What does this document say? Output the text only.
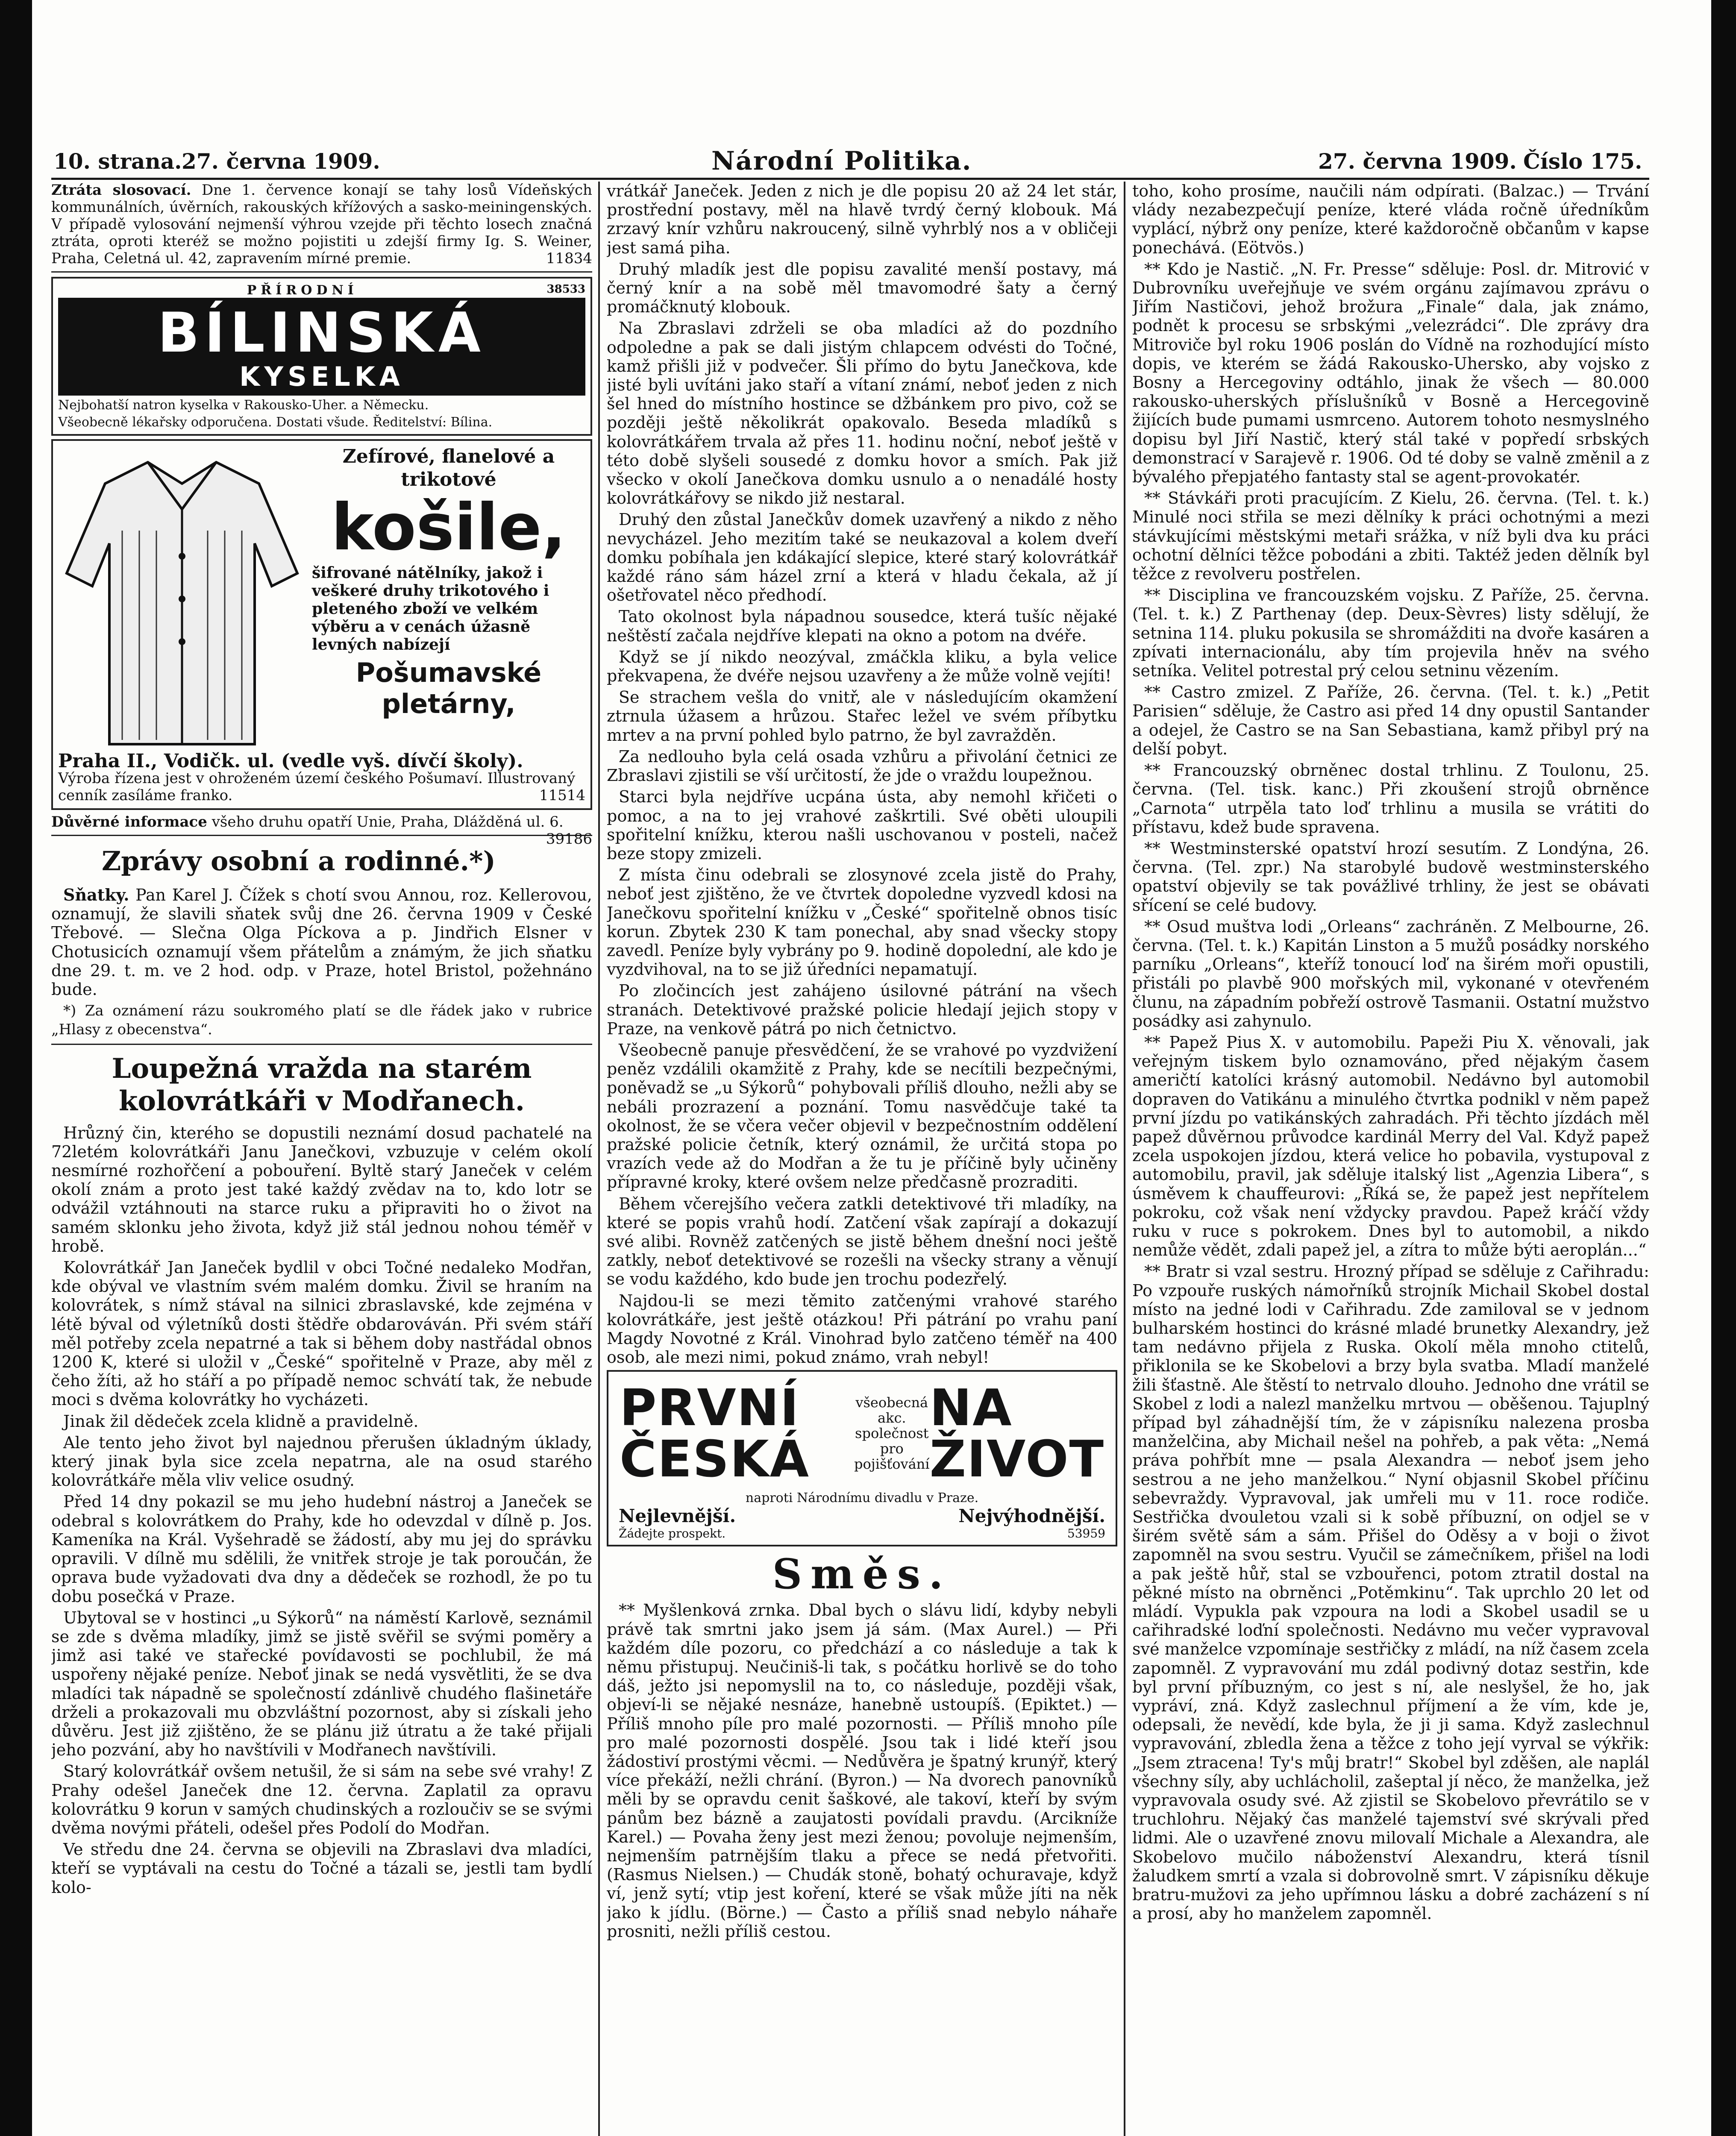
10. strana. 27. června 1909.	Národní Politika.	27. června 1909. Číslo 175.

Ztráta slosovací. Dne 1. července konají se tahy losů Vídeňských kommunálních, úvěrních, rakouských křížových a sasko-meiningenských. V případě vylosování nejmenší výhrou vzejde při těchto losech značná ztráta, oproti kteréž se možno pojistiti u zdejší firmy Ig. S. Weiner, Praha, Celetná ul. 42, zapravením mírné premie.	11834

PŘÍRODNÍ	38533
BÍLINSKÁ
KYSELKA
Nejbohatší natron kyselka v Rakousko-Uher. a Německu.
Všeobecně lékařsky odporučena. Dostati všude. Ředitelství: Bílina.
Zefírové, flanelové a trikotové
košile,
šifrované nátělníky, jakož i veškeré druhy trikotového i pleteného zboží ve velkém výběru a v cenách úžasně levných nabízejí
Pošumavské pletárny,
Praha II., Vodičk. ul. (vedle vyš. dívčí školy).
Výroba řízena jest v ohroženém území českého Pošumaví. Illustrovaný cenník zasíláme franko.	11514

Důvěrné informace všeho druhu opatří Unie, Praha, Dlážděná ul. 6.
39186

Zprávy osobní a rodinné.*)

Sňatky. Pan Karel J. Čížek s chotí svou Annou, roz. Kellerovou, oznamují, že slavili sňatek svůj dne 26. června 1909 v České Třebové. — Slečna Olga Píckova a p. Jindřich Elsner v Chotusicích oznamují všem přátelům a známým, že jich sňatku dne 29. t. m. ve 2 hod. odp. v Praze, hotel Bristol, požehnáno bude.

*) Za oznámení rázu soukromého platí se dle řádek jako v rubrice „Hlasy z obecenstva“.

Loupežná vražda na starém kolovrátkáři v Modřanech.

Hrůzný čin, kterého se dopustili neznámí dosud pachatelé na 72letém kolovrátkáři Janu Janečkovi, vzbuzuje v celém okolí nesmírné rozhořčení a pobouření. Byltě starý Janeček v celém okolí znám a proto jest také každý zvědav na to, kdo lotr se odvážil vztáhnouti na starce ruku a připraviti ho o život na samém sklonku jeho života, když již stál jednou nohou téměř v hrobě.

Kolovrátkář Jan Janeček bydlil v obci Točné nedaleko Modřan, kde obýval ve vlastním svém malém domku. Živil se hraním na kolovrátek, s nímž stával na silnici zbraslavské, kde zejména v létě býval od výletníků dosti štědře obdarováván. Při svém stáří měl potřeby zcela nepatrné a tak si během doby nastřádal obnos 1200 K, které si uložil v „České“ spořitelně v Praze, aby měl z čeho žíti, až ho stáří a po případě nemoc schvátí tak, že nebude moci s dvěma kolovrátky ho vycházeti.

Jinak žil dědeček zcela klidně a pravidelně.

Ale tento jeho život byl najednou přerušen úkladným úklady, který jinak byla sice zcela nepatrna, ale na osud starého kolovrátkáře měla vliv velice osudný.

Před 14 dny pokazil se mu jeho hudební nástroj a Janeček se odebral s kolovrátkem do Prahy, kde ho odevzdal v dílně p. Jos. Kameníka na Král. Vyšehradě se žádostí, aby mu jej do správku opravili. V dílně mu sdělili, že vnitřek stroje je tak poroučán, že oprava bude vyžadovati dva dny a dědeček se rozhodl, že po tu dobu posečká v Praze.

Ubytoval se v hostinci „u Sýkorů“ na náměstí Karlově, seznámil se zde s dvěma mladíky, jimž se jistě svěřil se svými poměry a jimž asi také ve stařecké povídavosti se pochlubil, že má uspořeny nějaké peníze. Neboť jinak se nedá vysvětliti, že se dva mladíci tak nápadně se společností zdánlivě chudého flašinetáře drželi a prokazovali mu obzvláštní pozornost, aby si získali jeho důvěru. Jest již zjištěno, že se plánu již útratu a že také přijali jeho pozvání, aby ho navštívili v Modřanech navštívili.

Starý kolovrátkář ovšem netušil, že si sám na sebe své vrahy! Z Prahy odešel Janeček dne 12. června. Zaplatil za opravu kolovrátku 9 korun v samých chudinských a rozloučiv se se svými dvěma novými přáteli, odešel přes Podolí do Modřan.

Ve středu dne 24. června se objevili na Zbraslavi dva mladíci, kteří se vyptávali na cestu do Točné a tázali se, jestli tam bydlí kolo-

vrátkář Janeček. Jeden z nich je dle popisu 20 až 24 let stár, prostřední postavy, měl na hlavě tvrdý černý klobouk. Má zrzavý knír vzhůru nakroucený, silně vyhrblý nos a v obličeji jest samá piha.

Druhý mladík jest dle popisu zavalité menší postavy, má černý knír a na sobě měl tmavomodré šaty a černý promáčknutý klobouk.

Na Zbraslavi zdrželi se oba mladíci až do pozdního odpoledne a pak se dali jistým chlapcem odvésti do Točné, kamž přišli již v podvečer. Šli přímo do bytu Janečkova, kde jisté byli uvítáni jako staří a vítaní známí, neboť jeden z nich šel hned do místního hostince se džbánkem pro pivo, což se později ještě několikrát opakovalo. Beseda mladíků s kolovrátkářem trvala až přes 11. hodinu noční, neboť ještě v této době slyšeli sousedé z domku hovor a smích. Pak již všecko v okolí Janečkova domku usnulo a o nenadálé hosty kolovrátkářovy se nikdo již nestaral.

Druhý den zůstal Janečkův domek uzavřený a nikdo z něho nevycházel. Jeho mezitím také se neukazoval a kolem dveří domku pobíhala jen kdákající slepice, které starý kolovrátkář každé ráno sám házel zrní a která v hladu čekala, až jí ošetřovatel něco předhodí.

Tato okolnost byla nápadnou sousedce, která tušíc nějaké neštěstí začala nejdříve klepati na okno a potom na dvéře.

Když se jí nikdo neozýval, zmáčkla kliku, a byla velice překvapena, že dvéře nejsou uzavřeny a že může volně vejíti!

Se strachem vešla do vnitř, ale v následujícím okamžení ztrnula úžasem a hrůzou. Stařec ležel ve svém příbytku mrtev a na první pohled bylo patrno, že byl zavražděn.

Za nedlouho byla celá osada vzhůru a přivolání četnici ze Zbraslavi zjistili se vší určitostí, že jde o vraždu loupežnou.

Starci byla nejdříve ucpána ústa, aby nemohl křičeti o pomoc, a na to jej vrahové zaškrtili. Své oběti uloupili spořitelní knížku, kterou našli uschovanou v posteli, načež beze stopy zmizeli.

Z místa činu odebrali se zlosynové zcela jistě do Prahy, neboť jest zjištěno, že ve čtvrtek dopoledne vyzvedl kdosi na Janečkovu spořitelní knížku v „České“ spořitelně obnos tisíc korun. Zbytek 230 K tam ponechal, aby snad všecky stopy zavedl. Peníze byly vybrány po 9. hodině dopolední, ale kdo je vyzdvihoval, na to se již úředníci nepamatují.

Po zločincích jest zahájeno úsilovné pátrání na všech stranách. Detektivové pražské policie hledají jejich stopy v Praze, na venkově pátrá po nich četnictvo.

Všeobecně panuje přesvědčení, že se vrahové po vyzdvižení peněz vzdálili okamžitě z Prahy, kde se necítili bezpečnými, poněvadž se „u Sýkorů“ pohybovali příliš dlouho, nežli aby se nebáli prozrazení a poznání. Tomu nasvědčuje také ta okolnost, že se včera večer objevil v bezpečnostním oddělení pražské policie četník, který oznámil, že určitá stopa po vrazích vede až do Modřan a že tu je příčině byly učiněny přípravné kroky, které ovšem nelze předčasně prozraditi.

Během včerejšího večera zatkli detektivové tři mladíky, na které se popis vrahů hodí. Zatčení však zapírají a dokazují své alibi. Rovněž zatčených se jistě během dnešní noci ještě zatkly, neboť detektivové se rozešli na všecky strany a věnují se vodu každého, kdo bude jen trochu podezřelý.

Najdou-li se mezi těmito zatčenými vrahové starého kolovrátkáře, jest ještě otázkou! Při pátrání po vrahu paní Magdy Novotné z Král. Vinohrad bylo zatčeno téměř na 400 osob, ale mezi nimi, pokud známo, vrah nebyl!

PRVNÍ ČESKÁ
všeobecná akc.
společnost
pro
pojišťování
NA ŽIVOT
naproti Národnímu divadlu v Praze.
Nejlevnější.	Nejvýhodnější.
Žádejte prospekt.	53959
Směs.

** Myšlenková zrnka. Dbal bych o slávu lidí, kdyby nebyli právě tak smrtni jako jsem já sám. (Max Aurel.) — Při každém díle pozoru, co předchází a co následuje a tak k němu přistupuj. Neučiniš-li tak, s počátku horlivě se do toho dáš, ježto jsi nepomyslil na to, co následuje, později však, objeví-li se nějaké nesnáze, hanebně ustoupíš. (Epiktet.) — Příliš mnoho píle pro malé pozornosti. — Příliš mnoho píle pro malé pozornosti dospělé. Jsou tak i lidé kteří jsou žádostiví prostými věcmi. — Nedůvěra je špatný krunýř, který více překáží, nežli chrání. (Byron.) — Na dvorech panovníků měli by se opravdu cenit šaškové, ale takoví, kteří by svým pánům bez bázně a zaujatosti povídali pravdu. (Arcikníže Karel.) — Povaha ženy jest mezi ženou; povoluje nejmenším, nejmenším patrnějším tlaku a přece se nedá přetvořiti. (Rasmus Nielsen.) — Chudák stoně, bohatý ochuravaje, když ví, jenž sytí; vtip jest koření, které se však může jíti na něk jako k jídlu. (Börne.) — Často a příliš snad nebylo náhaře prosniti, nežli příliš cestou.

toho, koho prosíme, naučili nám odpírati. (Balzac.) — Trvání vlády nezabezpečují peníze, které vláda ročně úředníkům vyplácí, nýbrž ony peníze, které každoročně občanům v kapse ponechává. (Eötvös.)

** Kdo je Nastič. „N. Fr. Presse“ sděluje: Posl. dr. Mitrović v Dubrovníku uveřejňuje ve svém orgánu zajímavou zprávu o Jiřím Nastičovi, jehož brožura „Finale“ dala, jak známo, podnět k procesu se srbskými „velezrádci“. Dle zprávy dra Mitroviče byl roku 1906 poslán do Vídně na rozhodující místo dopis, ve kterém se žádá Rakousko-Uhersko, aby vojsko z Bosny a Hercegoviny odtáhlo, jinak že všech — 80.000 rakousko-uherských příslušníků v Bosně a Hercegovině žijících bude pumami usmrceno. Autorem tohoto nesmyslného dopisu byl Jiří Nastič, který stál také v popředí srbských demonstrací v Sarajevě r. 1906. Od té doby se valně změnil a z bývalého přepjatého fantasty stal se agent-provokatér.

** Stávkáři proti pracujícím. Z Kielu, 26. června. (Tel. t. k.) Minulé noci střila se mezi dělníky k práci ochotnými a mezi stávkujícími městskými metaři srážka, v níž byli dva ku práci ochotní dělníci těžce pobodáni a zbiti. Taktéž jeden dělník byl těžce z revolveru postřelen.

** Disciplina ve francouzském vojsku. Z Paříže, 25. června. (Tel. t. k.) Z Parthenay (dep. Deux-Sèvres) listy sdělují, že setnina 114. pluku pokusila se shromážditi na dvoře kasáren a zpívati internacionálu, aby tím projevila hněv na svého setníka. Velitel potrestal prý celou setninu vězením.

** Castro zmizel. Z Paříže, 26. června. (Tel. t. k.) „Petit Parisien“ sděluje, že Castro asi před 14 dny opustil Santander a odejel, že Castro se na San Sebastiana, kamž přibyl prý na delší pobyt.

** Francouzský obrněnec dostal trhlinu. Z Toulonu, 25. června. (Tel. tisk. kanc.) Při zkoušení strojů obrněnce „Carnota“ utrpěla tato loď trhlinu a musila se vrátiti do přístavu, kdež bude spravena.

** Westminsterské opatství hrozí sesutím. Z Londýna, 26. června. (Tel. zpr.) Na starobylé budově westminsterského opatství objevily se tak povážlivé trhliny, že jest se obávati sřícení se celé budovy.

** Osud muštva lodi „Orleans“ zachráněn. Z Melbourne, 26. června. (Tel. t. k.) Kapitán Linston a 5 mužů posádky norského parníku „Orleans“, kteříž tonoucí loď na širém moři opustili, přistáli po plavbě 900 mořských mil, vykonané v otevřeném člunu, na západním pobřeží ostrově Tasmanii. Ostatní mužstvo posádky asi zahynulo.

** Papež Pius X. v automobilu. Papeži Piu X. věnovali, jak veřejným tiskem bylo oznamováno, před nějakým časem američtí katolíci krásný automobil. Nedávno byl automobil dopraven do Vatikánu a minulého čtvrtka podnikl v něm papež první jízdu po vatikánských zahradách. Při těchto jízdách měl papež důvěrnou průvodce kardinál Merry del Val. Když papež zcela uspokojen jízdou, která velice ho pobavila, vystupoval z automobilu, pravil, jak sděluje italský list „Agenzia Libera“, s úsměvem k chauffeurovi: „Říká se, že papež jest nepřítelem pokroku, což však není vždycky pravdou. Papež kráčí vždy ruku v ruce s pokrokem. Dnes byl to automobil, a nikdo nemůže vědět, zdali papež jel, a zítra to může býti aeroplán...“

** Bratr si vzal sestru. Hrozný případ se sděluje z Cařihradu: Po vzpouře ruských námořníků strojník Michail Skobel dostal místo na jedné lodi v Cařihradu. Zde zamiloval se v jednom bulharském hostinci do krásné mladé brunetky Alexandry, jež tam nedávno přijela z Ruska. Okolí měla mnoho ctitelů, přiklonila se ke Skobelovi a brzy byla svatba. Mladí manželé žili šťastně. Ale štěstí to netrvalo dlouho. Jednoho dne vrátil se Skobel z lodi a nalezl manželku mrtvou — oběšenou. Tajuplný případ byl záhadnější tím, že v zápisníku nalezena prosba manželčina, aby Michail nešel na pohřeb, a pak věta: „Nemá práva pohřbít mne — psala Alexandra — neboť jsem jeho sestrou a ne jeho manželkou.“ Nyní objasnil Skobel příčinu sebevraždy. Vypravoval, jak umřeli mu v 11. roce rodiče. Sestřička dvouletou vzali si k sobě příbuzní, on odjel se v širém světě sám a sám. Přišel do Oděsy a v boji o život zapomněl na svou sestru. Vyučil se zámečníkem, přišel na lodi a pak ještě hůř, stal se vzbouřenci, potom ztratil dostal na pěkné místo na obrněnci „Potěmkinu“. Tak uprchlo 20 let od mládí. Vypukla pak vzpoura na lodi a Skobel usadil se u cařihradské loďní společnosti. Nedávno mu večer vypravoval své manželce vzpomínaje sestřičky z mládí, na níž časem zcela zapomněl. Z vypravování mu zdál podivný dotaz sestřin, kde byl první příbuzným, co jest s ní, ale neslyšel, že ho, jak vypráví, zná. Když zaslechnul příjmení a že vím, kde je, odepsali, že nevědí, kde byla, že ji ji sama. Když zaslechnul vypravování, zbledla žena a těžce z toho její vyrval se výkřik: „Jsem ztracena! Ty's můj bratr!“ Skobel byl zděšen, ale naplál všechny síly, aby uchlácholil, zašeptal jí něco, že manželka, jež vypravovala osudy své. Až zjistil se Skobelovo převrátilo se v truchlohru. Nějaký čas manželé tajemství své skrývali před lidmi. Ale o uzavřené znovu milovalí Michale a Alexandra, ale Skobelovo mučilo náboženství Alexandru, která tísnil žaludkem smrtí a vzala si dobrovolně smrt. V zápisníku děkuje bratru-mužovi za jeho upřímnou lásku a dobré zacházení s ní a prosí, aby ho manželem zapomněl.
